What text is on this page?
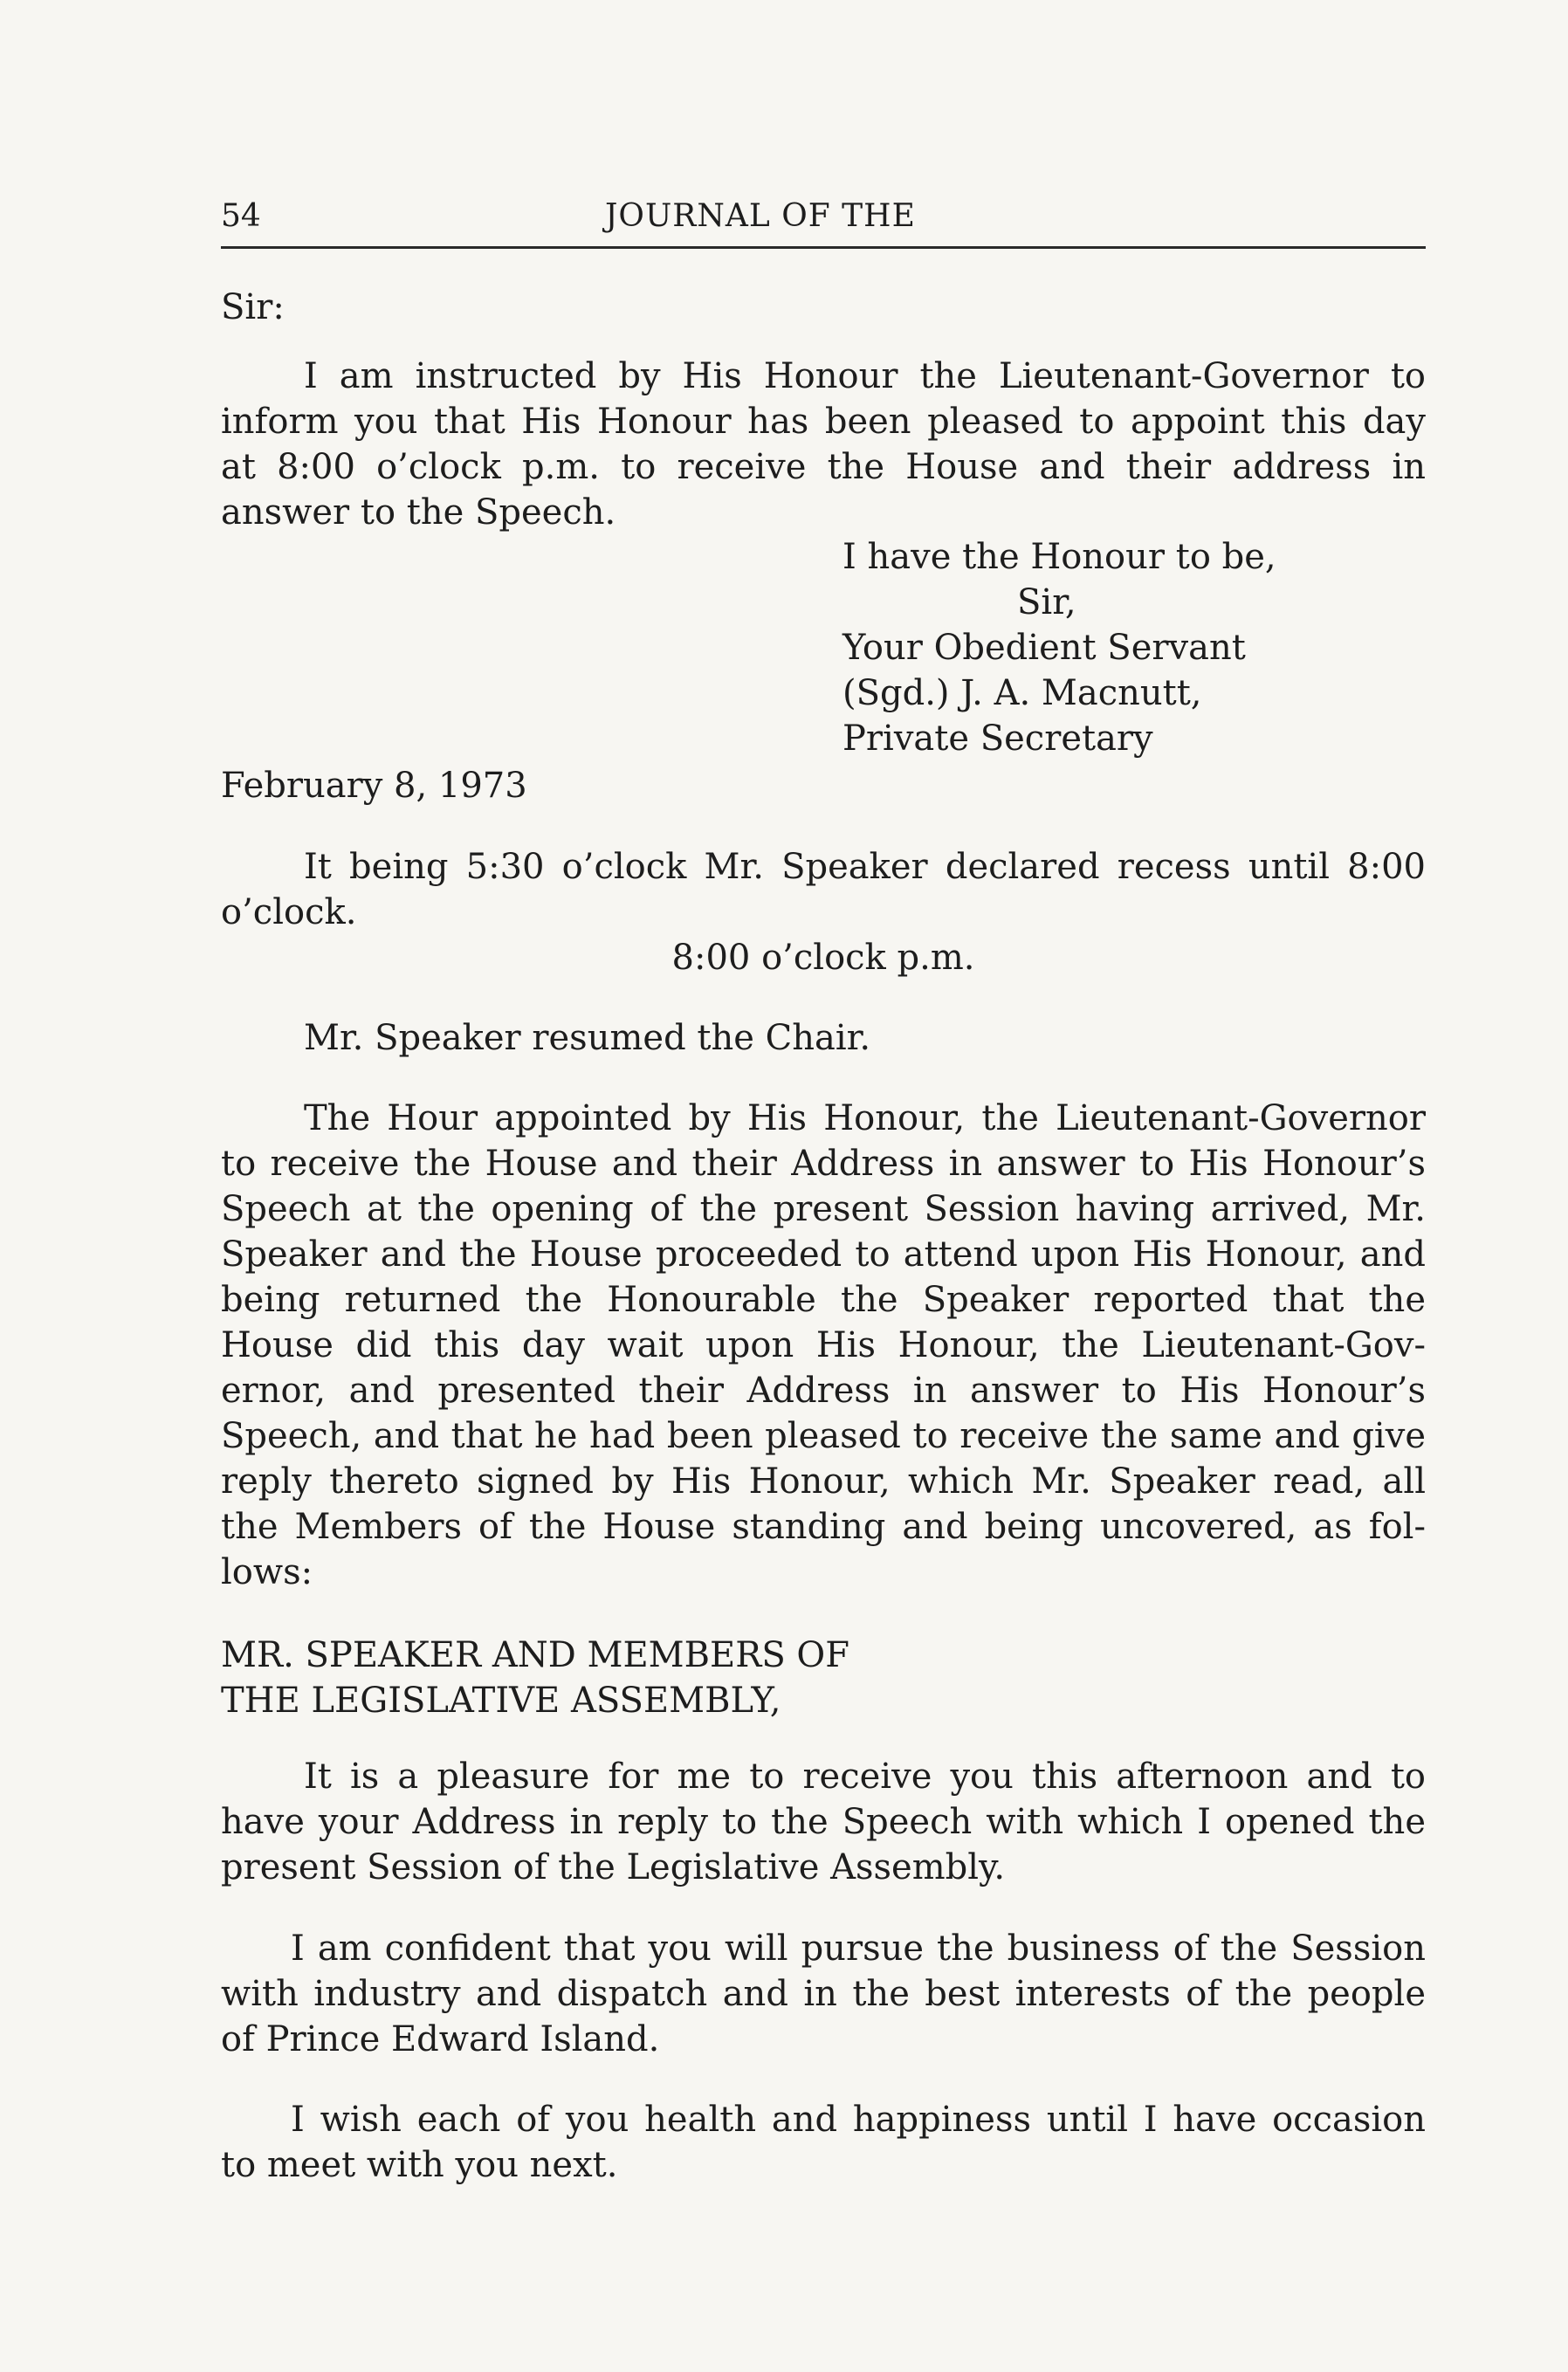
54	JOURNAL OF THE
Sir:
I am instructed by His Honour the Lieutenant-Governor to
inform you that His Honour has been pleased to appoint this day
at 8:00 o’clock p.m. to receive the House and their address in
answer to the Speech.
I have the Honour to be,
Sir,
Your Obedient Servant
(Sgd.) J. A. Macnutt,
Private Secretary
February 8, 1973
It being 5:30 o’clock Mr. Speaker declared recess until 8:00
o’clock.
8:00 o’clock p.m.
Mr. Speaker resumed the Chair.
The Hour appointed by His Honour, the Lieutenant-Governor
to receive the House and their Address in answer to His Honour’s
Speech at the opening of the present Session having arrived, Mr.
Speaker and the House proceeded to attend upon His Honour, and
being returned the Honourable the Speaker reported that the
House did this day wait upon His Honour, the Lieutenant-Gov-
ernor, and presented their Address in answer to His Honour’s
Speech, and that he had been pleased to receive the same and give
reply thereto signed by His Honour, which Mr. Speaker read, all
the Members of the House standing and being uncovered, as fol-
lows:
MR. SPEAKER AND MEMBERS OF
THE LEGISLATIVE ASSEMBLY,
It is a pleasure for me to receive you this afternoon and to
have your Address in reply to the Speech with which I opened the
present Session of the Legislative Assembly.
I am confident that you will pursue the business of the Session
with industry and dispatch and in the best interests of the people
of Prince Edward Island.
I wish each of you health and happiness until I have occasion
to meet with you next.
